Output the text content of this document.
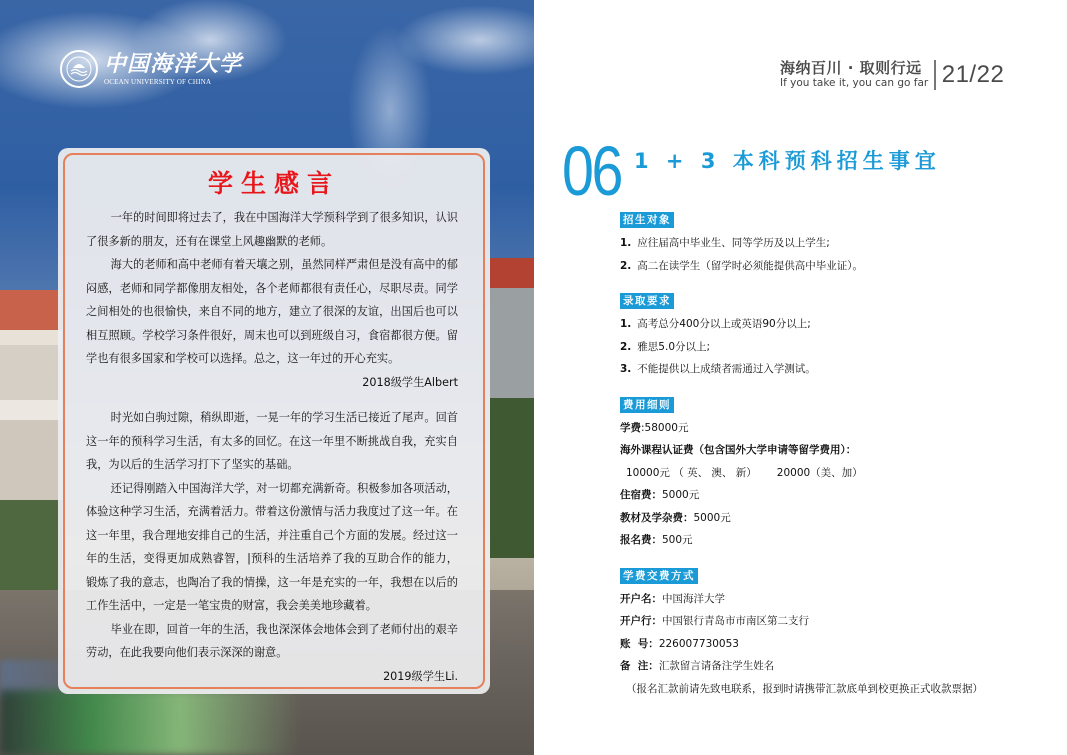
中国海洋大学
OCEAN UNIVERSITY OF CHINA
学生感言

一年的时间即将过去了，我在中国海洋大学预科学到了很多知识，认识了很多新的朋友，还有在课堂上风趣幽默的老师。

海大的老师和高中老师有着天壤之别，虽然同样严肃但是没有高中的郁闷感，老师和同学都像朋友相处，各个老师都很有责任心，尽职尽责。同学之间相处的也很愉快，来自不同的地方，建立了很深的友谊，出国后也可以相互照顾。学校学习条件很好，周末也可以到班级自习，食宿都很方便。留学也有很多国家和学校可以选择。总之，这一年过的开心充实。

2018级学生Albert

时光如白驹过隙，稍纵即逝，一晃一年的学习生活已接近了尾声。回首这一年的预科学习生活，有太多的回忆。在这一年里不断挑战自我，充实自我，为以后的生活学习打下了坚实的基础。

还记得刚踏入中国海洋大学，对一切都充满新奇。积极参加各项活动，体验这种学习生活，充满着活力。带着这份激情与活力我度过了这一年。在这一年里，我合理地安排自己的生活，并注重自己个方面的发展。经过这一年的生活，变得更加成熟睿智，|预科的生活培养了我的互助合作的能力，锻炼了我的意志，也陶冶了我的情操，这一年是充实的一年，我想在以后的工作生活中，一定是一笔宝贵的财富，我会美美地珍藏着。

毕业在即，回首一年的生活，我也深深体会地体会到了老师付出的艰辛劳动，在此我要向他们表示深深的谢意。

2019级学生Li.

海纳百川 · 取则行远
If you take it, you can go far 21/22
06 1 + 3 本科预科招生事宜
招生对象
1. 应往届高中毕业生、同等学历及以上学生;
2. 高二在读学生（留学时必须能提供高中毕业证）。
录取要求
1. 高考总分400分以上或英语90分以上;
2. 雅思5.0分以上;
3. 不能提供以上成绩者需通过入学测试。
费用细则
学费:58000元
海外课程认证费（包含国外大学申请等留学费用）：
10000元 （ 英、 澳、 新）      20000（美、加）
住宿费：5000元
教材及学杂费：5000元
报名费：500元
学费交费方式
开户名：中国海洋大学
开户行：中国银行青岛市市南区第二支行
账  号：226007730053
备  注：汇款留言请备注学生姓名
（报名汇款前请先致电联系，报到时请携带汇款底单到校更换正式收款票据）
